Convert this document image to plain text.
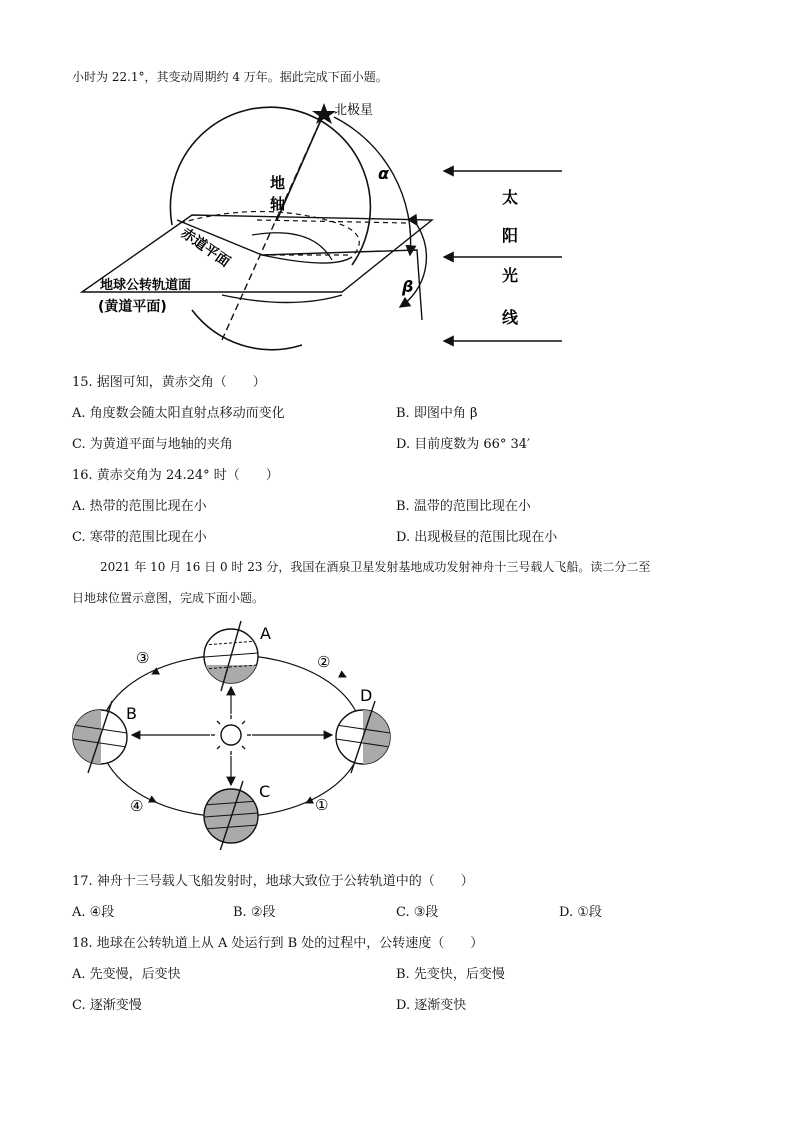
小时为 22.1°，其变动周期约 4 万年。据此完成下面小题。
北极星
α
β
地
轴
赤道平面
地球公转轨道面
(黄道平面)
太
阳
光
线
15. 据图可知，黄赤交角（　　）
A. 角度数会随太阳直射点移动而变化	B. 即图中角 β
C. 为黄道平面与地轴的夹角	D. 目前度数为 66° 34′
16. 黄赤交角为 24.24° 时（　　）
A. 热带的范围比现在小	B. 温带的范围比现在小
C. 寒带的范围比现在小	D. 出现极昼的范围比现在小
2021 年 10 月 16 日 0 时 23 分，我国在酒泉卫星发射基地成功发射神舟十三号载人飞船。读二分二至
日地球位置示意图，完成下面小题。
A
B
C
D
①
②
③
④
17. 神舟十三号载人飞船发射时，地球大致位于公转轨道中的（　　）
A. ④段	B. ②段	C. ③段	D. ①段
18. 地球在公转轨道上从 A 处运行到 B 处的过程中，公转速度（　　）
A. 先变慢，后变快	B. 先变快，后变慢
C. 逐渐变慢	D. 逐渐变快
